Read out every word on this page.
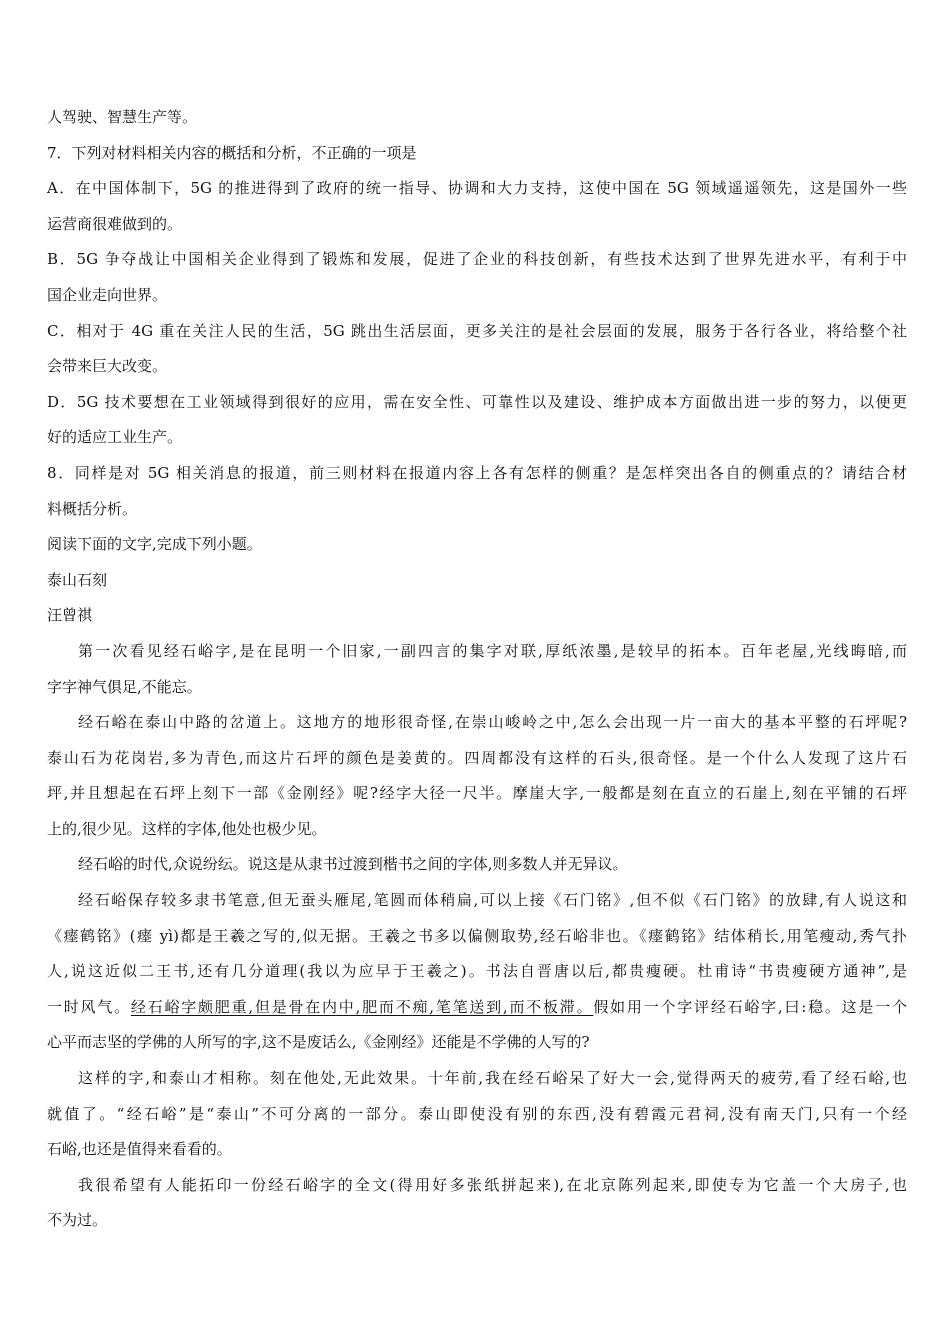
人驾驶、智慧生产等。
7．下列对材料相关内容的概括和分析，不正确的一项是
A．在中国体制下，5G 的推进得到了政府的统一指导、协调和大力支持，这使中国在 5G 领域遥遥领先，这是国外一些
运营商很难做到的。
B．5G 争夺战让中国相关企业得到了锻炼和发展，促进了企业的科技创新，有些技术达到了世界先进水平，有利于中
国企业走向世界。
C．相对于 4G 重在关注人民的生活，5G 跳出生活层面，更多关注的是社会层面的发展，服务于各行各业，将给整个社
会带来巨大改变。
D．5G 技术要想在工业领域得到很好的应用，需在安全性、可靠性以及建设、维护成本方面做出进一步的努力，以便更
好的适应工业生产。
8．同样是对 5G 相关消息的报道，前三则材料在报道内容上各有怎样的侧重？是怎样突出各自的侧重点的？请结合材
料概括分析。
阅读下面的文字,完成下列小题。
泰山石刻
汪曾祺
第一次看见经石峪字,是在昆明一个旧家,一副四言的集字对联,厚纸浓墨,是较早的拓本。百年老屋,光线晦暗,而
字字神气俱足,不能忘。
经石峪在泰山中路的岔道上。这地方的地形很奇怪,在崇山峻岭之中,怎么会出现一片一亩大的基本平整的石坪呢?
泰山石为花岗岩,多为青色,而这片石坪的颜色是姜黄的。四周都没有这样的石头,很奇怪。是一个什么人发现了这片石
坪,并且想起在石坪上刻下一部《金刚经》呢?经字大径一尺半。摩崖大字,一般都是刻在直立的石崖上,刻在平铺的石坪
上的,很少见。这样的字体,他处也极少见。
经石峪的时代,众说纷纭。说这是从隶书过渡到楷书之间的字体,则多数人并无异议。
经石峪保存较多隶书笔意,但无蚕头雁尾,笔圆而体稍扁,可以上接《石门铭》,但不似《石门铭》的放肆,有人说这和
《瘗鹤铭》(瘗 yì)都是王羲之写的,似无据。王羲之书多以偏侧取势,经石峪非也。《瘗鹤铭》结体稍长,用笔瘦动,秀气扑
人,说这近似二王书,还有几分道理(我以为应早于王羲之)。书法自晋唐以后,都贵瘦硬。杜甫诗“书贵瘦硬方通神”,是
一时风气。经石峪字颇肥重,但是骨在内中,肥而不痴,笔笔送到,而不板滞。假如用一个字评经石峪字,曰:稳。这是一个
心平而志坚的学佛的人所写的字,这不是废话么,《金刚经》还能是不学佛的人写的?
这样的字,和泰山才相称。刻在他处,无此效果。十年前,我在经石峪呆了好大一会,觉得两天的疲劳,看了经石峪,也
就值了。“经石峪”是“泰山”不可分离的一部分。泰山即使没有别的东西,没有碧霞元君祠,没有南天门,只有一个经
石峪,也还是值得来看看的。
我很希望有人能拓印一份经石峪字的全文(得用好多张纸拼起来),在北京陈列起来,即使专为它盖一个大房子,也
不为过。
